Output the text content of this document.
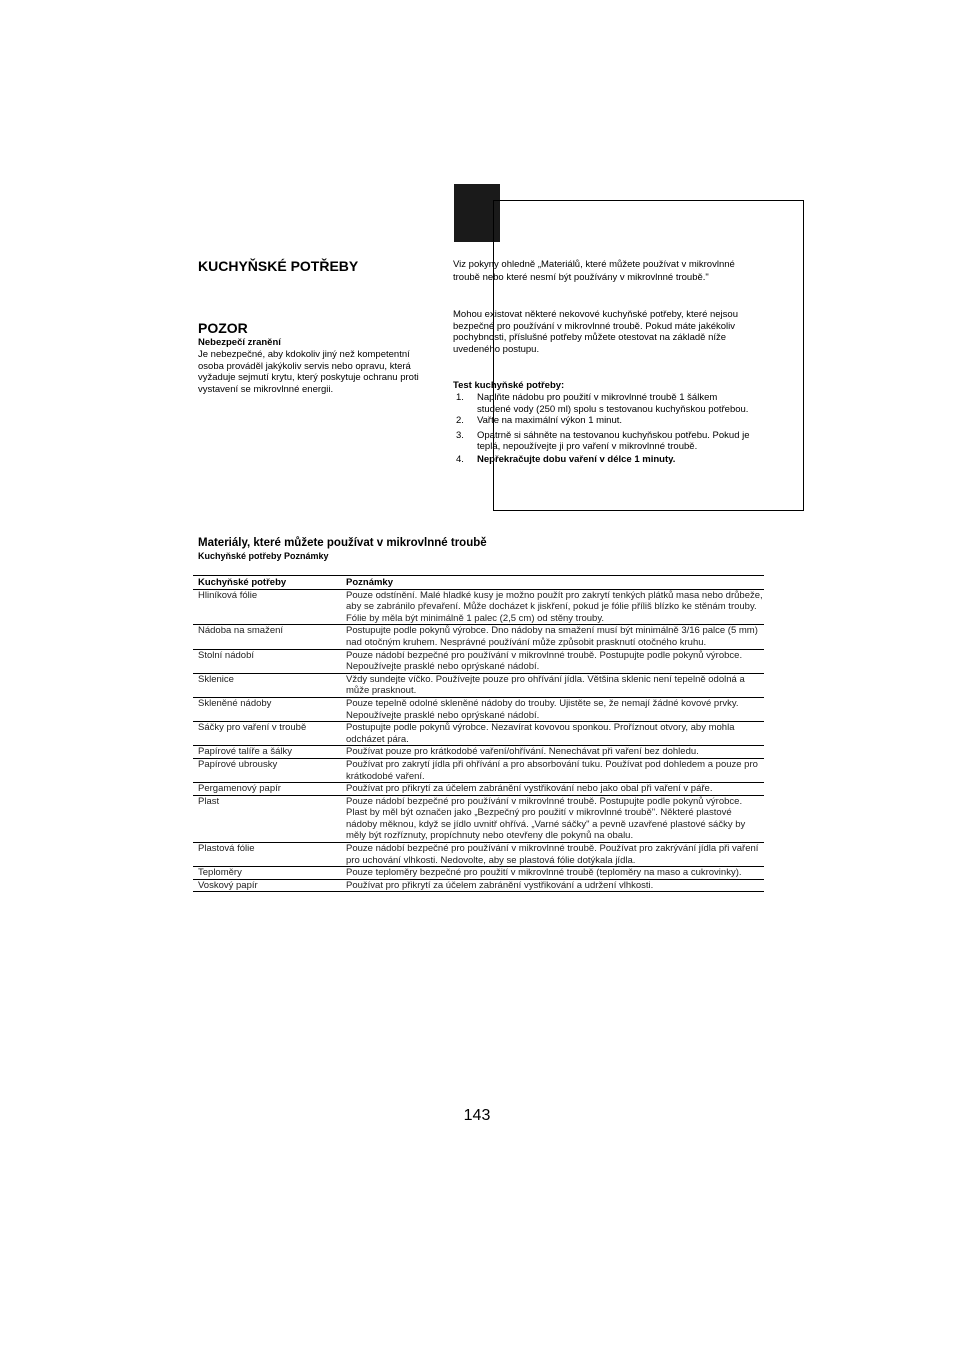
KUCHYŇSKÉ POTŘEBY
POZOR
Nebezpečí zranění
Je nebezpečné, aby kdokoliv jiný než kompetentní osoba prováděl jakýkoliv servis nebo opravu, která vyžaduje sejmutí krytu, který poskytuje ochranu proti vystavení se mikrovlnné energii.
Viz pokyny ohledně „Materiálů, které můžete používat v mikrovlnné troubě nebo které nesmí být používány v mikrovlnné troubě."
Mohou existovat některé nekovové kuchyňské potřeby, které nejsou bezpečné pro používání v mikrovlnné troubě. Pokud máte jakékoliv pochybnosti, příslušné potřeby můžete otestovat na základě níže uvedeného postupu.
Test kuchyňské potřeby:
1. Naplňte nádobu pro použití v mikrovlnné troubě 1 šálkem studené vody (250 ml) spolu s testovanou kuchyňskou potřebou.
2. Vařte na maximální výkon 1 minut.
3. Opatrně si sáhněte na testovanou kuchyňskou potřebu. Pokud je teplá, nepoužívejte ji pro vaření v mikrovlnné troubě.
4. Nepřekračujte dobu vaření v délce 1 minuty.
Materiály, které můžete používat v mikrovlnné troubě
Kuchyňské potřeby Poznámky
Kuchyňské potřeby	Poznámky
Hliníková fólie	Pouze odstínění. Malé hladké kusy je možno použít pro zakrytí tenkých plátků masa nebo drůbeže, aby se zabránilo převaření. Může docházet k jiskření, pokud je fólie příliš blízko ke stěnám trouby. Fólie by měla být minimálně 1 palec (2,5 cm) od stěny trouby.
Nádoba na smažení	Postupujte podle pokynů výrobce. Dno nádoby na smažení musí být minimálně 3/16 palce (5 mm) nad otočným kruhem. Nesprávné používání může způsobit prasknutí otočného kruhu.
Stolní nádobí	Pouze nádobí bezpečné pro používání v mikrovlnné troubě. Postupujte podle pokynů výrobce. Nepoužívejte prasklé nebo oprýskané nádobí.
Sklenice	Vždy sundejte víčko. Používejte pouze pro ohřívání jídla. Většina sklenic není tepelně odolná a může prasknout.
Skleněné nádoby	Pouze tepelně odolné skleněné nádoby do trouby. Ujistěte se, že nemají žádné kovové prvky.
Nepoužívejte prasklé nebo oprýskané nádobí.
Sáčky pro vaření v troubě	Postupujte podle pokynů výrobce. Nezavírat kovovou sponkou. Proříznout otvory, aby mohla odcházet pára.
Papírové talíře a šálky	Používat pouze pro krátkodobé vaření/ohřívání. Nenechávat při vaření bez dohledu.
Papírové ubrousky	Používat pro zakrytí jídla při ohřívání a pro absorbování tuku. Používat pod dohledem a pouze pro krátkodobé vaření.
Pergamenový papír	Používat pro přikrytí za účelem zabránění vystřikování nebo jako obal při vaření v páře.
Plast	Pouze nádobí bezpečné pro používání v mikrovlnné troubě. Postupujte podle pokynů výrobce. Plast by měl být označen jako „Bezpečný pro použití v mikrovlnné troubě". Některé plastové nádoby měknou, když se jídlo uvnitř ohřívá. „Varné sáčky" a pevně uzavřené plastové sáčky by měly být rozříznuty, propíchnuty nebo otevřeny dle pokynů na obalu.
Plastová fólie	Pouze nádobí bezpečné pro používání v mikrovlnné troubě. Používat pro zakrývání jídla při vaření pro uchování vlhkosti. Nedovolte, aby se plastová fólie dotýkala jídla.
Teploměry	Pouze teploměry bezpečné pro použití v mikrovlnné troubě (teploměry na maso a cukrovinky).
Voskový papír	Používat pro přikrytí za účelem zabránění vystřikování a udržení vlhkosti.
143
